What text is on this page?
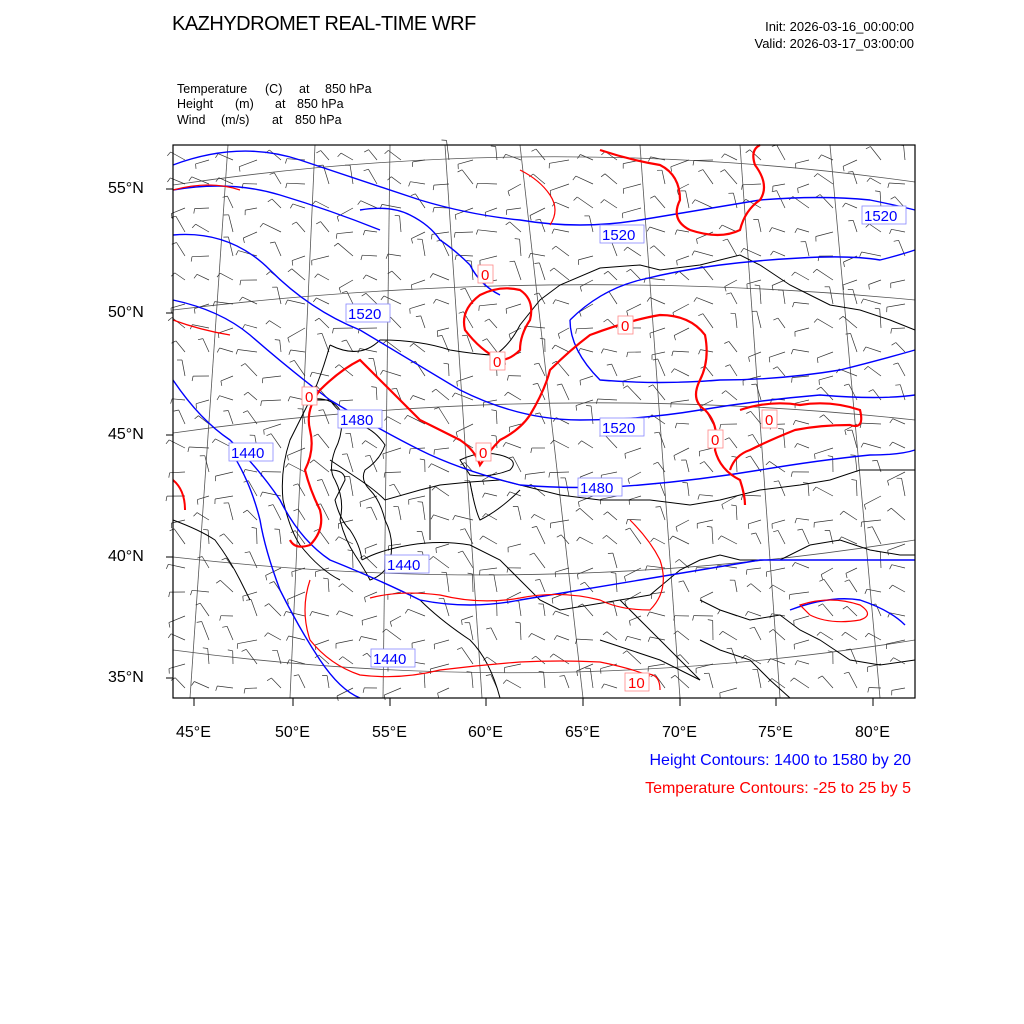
1520
1520
1520
1520
1480
1440
1480
1440
1440
0
0
0
0
0
0
0
10
KAZHYDROMET REAL-TIME WRF	Init: 2026-03-16_00:00:00
Valid: 2026-03-17_03:00:00
Temperature (C) at 850 hPa
Height (m) at 850 hPa
Wind (m/s) at 850 hPa
55°N
50°N
45°N
40°N
35°N
45°E	50°E	55°E	60°E	65°E	70°E	75°E	80°E
Height Contours: 1400 to 1580 by 20
Temperature Contours: -25 to 25 by 5
